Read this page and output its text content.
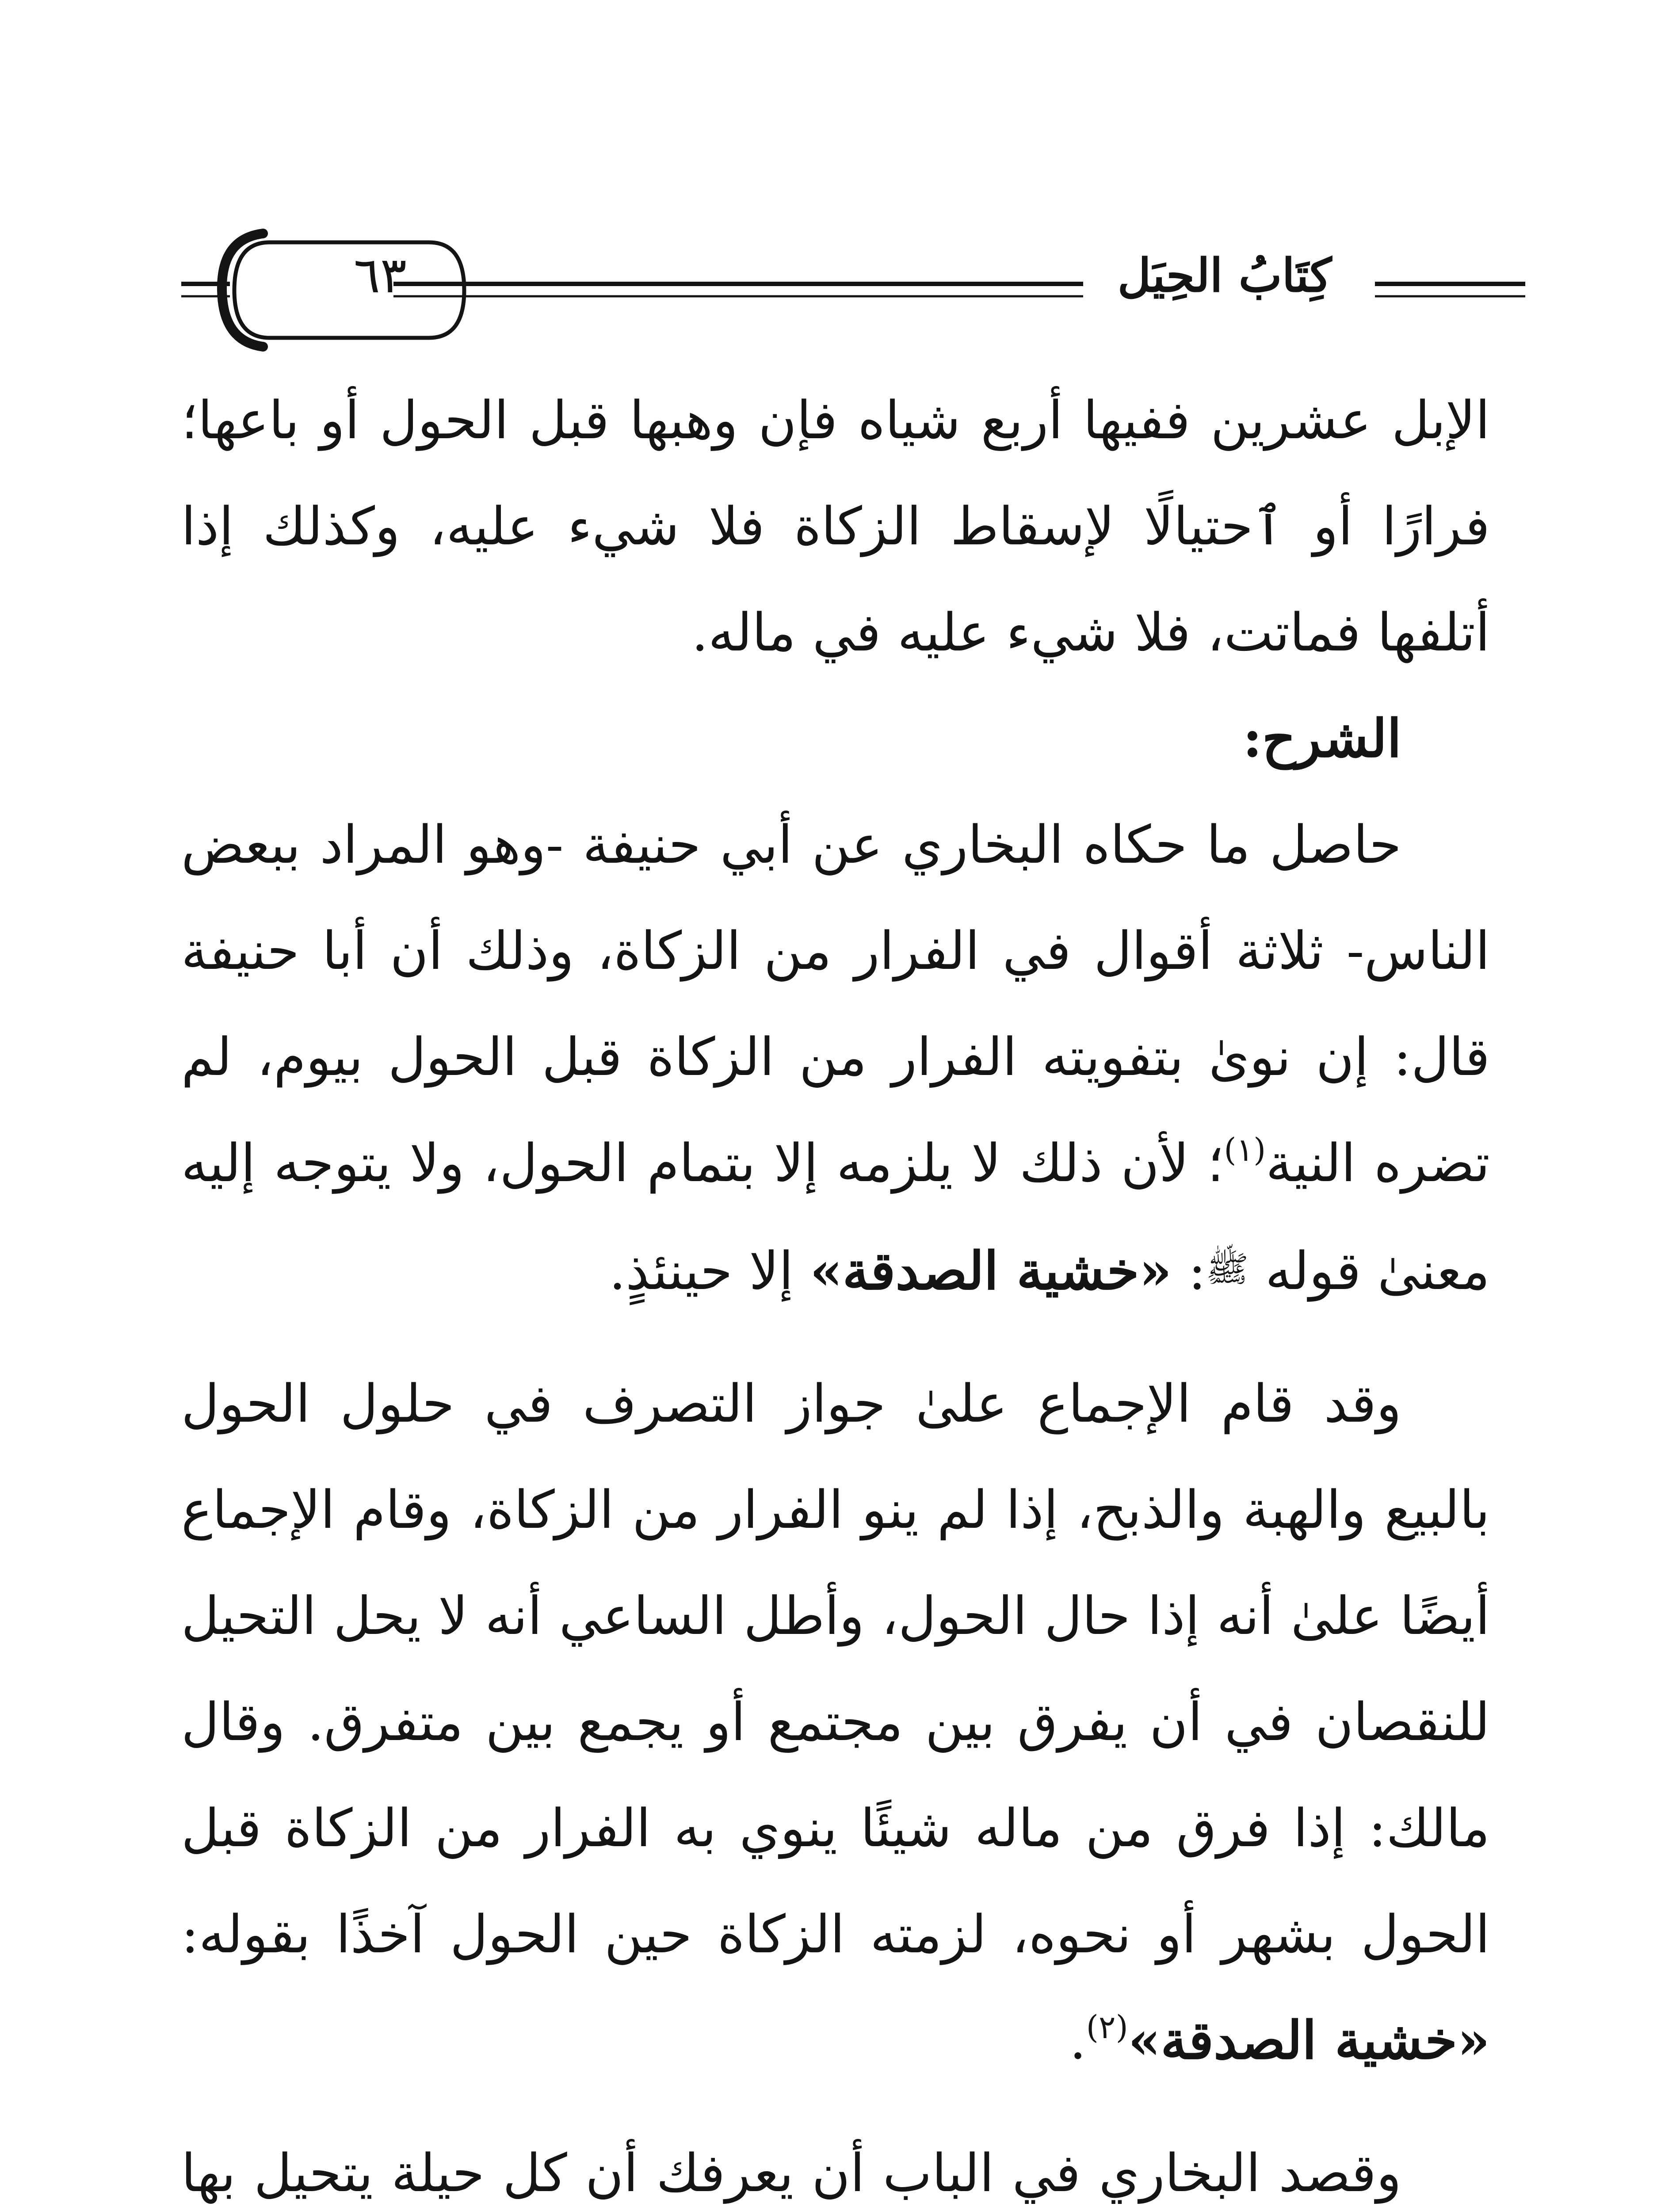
كِتَابُ الحِيَل
٦٣

الإبل عشرين ففيها أربع شياه فإن وهبها قبل الحول أو باعها؛ فرارًا أو ٱحتيالًا لإسقاط الزكاة فلا شيء عليه، وكذلك إذا أتلفها فماتت، فلا شيء عليه في ماله.

الشرح:

حاصل ما حكاه البخاري عن أبي حنيفة -وهو المراد ببعض الناس- ثلاثة أقوال في الفرار من الزكاة، وذلك أن أبا حنيفة قال: إن نوىٰ بتفويته الفرار من الزكاة قبل الحول بيوم، لم تضره النية$^{(١)}$؛ لأن ذلك لا يلزمه إلا بتمام الحول، ولا يتوجه إليه معنىٰ قوله ﷺ: «خشية الصدقة» إلا حينئذٍ.

وقد قام الإجماع علىٰ جواز التصرف في حلول الحول بالبيع والهبة والذبح، إذا لم ينو الفرار من الزكاة، وقام الإجماع أيضًا علىٰ أنه إذا حال الحول، وأطل الساعي أنه لا يحل التحيل للنقصان في أن يفرق بين مجتمع أو يجمع بين متفرق. وقال مالك: إذا فرق من ماله شيئًا ينوي به الفرار من الزكاة قبل الحول بشهر أو نحوه، لزمته الزكاة حين الحول آخذًا بقوله: «خشية الصدقة»$^{(٢)}$.

وقصد البخاري في الباب أن يعرفك أن كل حيلة يتحيل بها
